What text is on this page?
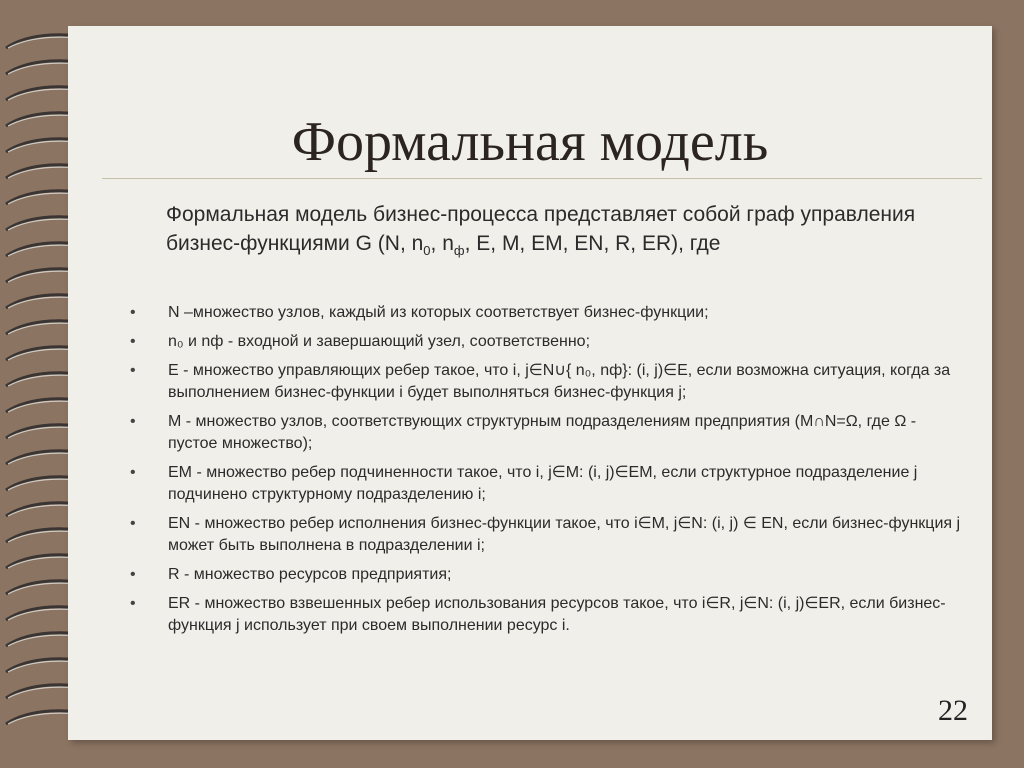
Формальная модель
Формальная модель бизнес-процесса представляет собой граф управления бизнес-функциями G (N, $n_0$, $n_ф$, E, M, EM, EN, R, ER), где
• N –множество узлов, каждый из которых соответствует бизнес-функции;
• n₀ и nф - входной и завершающий узел, соответственно;
• E - множество управляющих ребер такое, что i, j∈N∪{ n₀, nф}: (i, j)∈E, если возможна ситуация, когда за выполнением бизнес-функции i будет выполняться бизнес-функция j;
• M - множество узлов, соответствующих структурным подразделениям предприятия (M∩N=Ω, где Ω - пустое множество);
• EM - множество ребер подчиненности такое, что i, j∈M: (i, j)∈EM, если структурное подразделение j подчинено структурному подразделению i;
• EN - множество ребер исполнения бизнес-функции такое, что i∈M, j∈N: (i, j) ∈ EN, если бизнес-функция j может быть выполнена в подразделении i;
• R - множество ресурсов предприятия;
• ER - множество взвешенных ребер использования ресурсов такое, что i∈R, j∈N: (i, j)∈ER, если бизнес-функция j использует при своем выполнении ресурс i.
22
